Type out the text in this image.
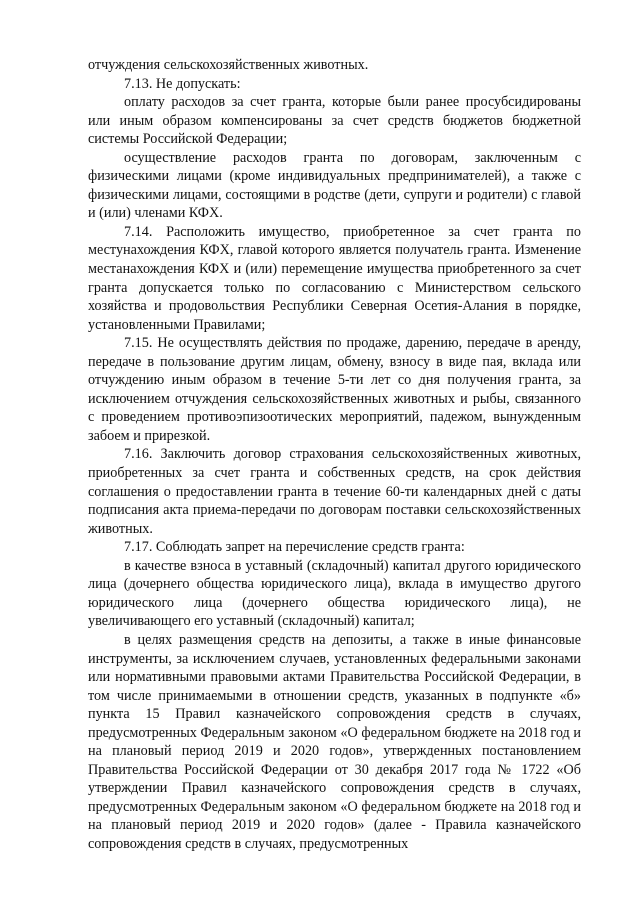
отчуждения сельскохозяйственных животных.

7.13. Не допускать:

оплату расходов за счет гранта, которые были ранее просубсидированы или иным образом компенсированы за счет средств бюджетов бюджетной системы Российской Федерации;

осуществление расходов гранта по договорам, заключенным с физическими лицами (кроме индивидуальных предпринимателей), а также с физическими лицами, состоящими в родстве (дети, супруги и родители) с главой и (или) членами КФХ.

7.14. Расположить имущество, приобретенное за счет гранта по местунахождения КФХ, главой которого является получатель гранта. Изменение местанахождения КФХ и (или) перемещение имущества приобретенного за счет гранта допускается только по согласованию с Министерством сельского хозяйства и продовольствия Республики Северная Осетия-Алания в порядке, установленными Правилами;

7.15. Не осуществлять действия по продаже, дарению, передаче в аренду, передаче в пользование другим лицам, обмену, взносу в виде пая, вклада или отчуждению иным образом в течение 5-ти лет со дня получения гранта, за исключением отчуждения сельскохозяйственных животных и рыбы, связанного с проведением противоэпизоотических мероприятий, падежом, вынужденным забоем и прирезкой.

7.16. Заключить договор страхования сельскохозяйственных животных, приобретенных за счет гранта и собственных средств, на срок действия соглашения о предоставлении гранта в течение 60-ти календарных дней с даты подписания акта приема-передачи по договорам поставки сельскохозяйственных животных.

7.17. Соблюдать запрет на перечисление средств гранта:

в качестве взноса в уставный (складочный) капитал другого юридического лица (дочернего общества юридического лица), вклада в имущество другого юридического лица (дочернего общества юридического лица), не увеличивающего его уставный (складочный) капитал;

в целях размещения средств на депозиты, а также в иные финансовые инструменты, за исключением случаев, установленных федеральными законами или нормативными правовыми актами Правительства Российской Федерации, в том числе принимаемыми в отношении средств, указанных в подпункте «б» пункта 15 Правил казначейского сопровождения средств в случаях, предусмотренных Федеральным законом «О федеральном бюджете на 2018 год и на плановый период 2019 и 2020 годов», утвержденных постановлением Правительства Российской Федерации от 30 декабря 2017 года № 1722 «Об утверждении Правил казначейского сопровождения средств в случаях, предусмотренных Федеральным законом «О федеральном бюджете на 2018 год и на плановый период 2019 и 2020 годов» (далее - Правила казначейского сопровождения средств в случаях, предусмотренных
